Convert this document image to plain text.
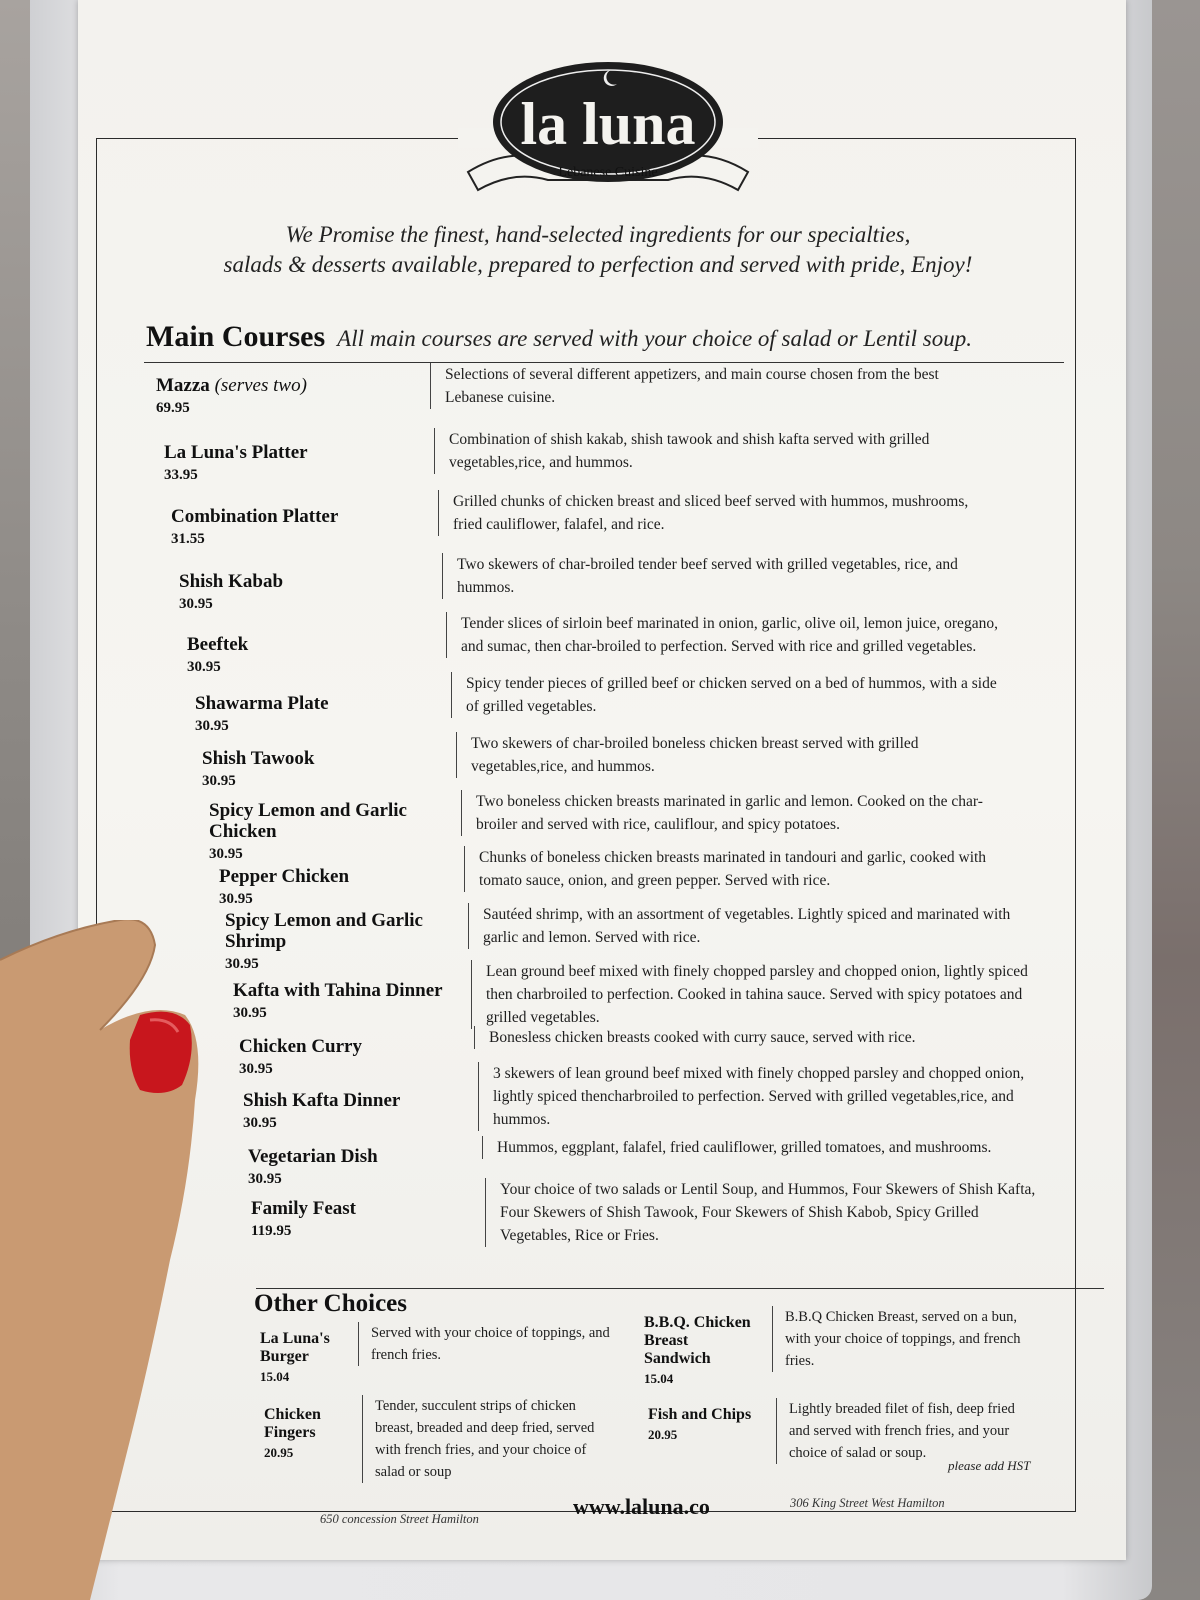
la luna
Lebanese Cuisine
We Promise the finest, hand-selected ingredients for our specialties,
salads & desserts available, prepared to perfection and served with pride, Enjoy!
Main Courses All main courses are served with your choice of salad or Lentil soup.
Mazza (serves two)
69.95
Selections of several different appetizers, and main course chosen from the best Lebanese cuisine.
La Luna's Platter
33.95
Combination of shish kakab, shish tawook and shish kafta served with grilled vegetables,rice, and hummos.
Combination Platter
31.55
Grilled chunks of chicken breast and sliced beef served with hummos, mushrooms, fried cauliflower, falafel, and rice.
Shish Kabab
30.95
Two skewers of char-broiled tender beef served with grilled vegetables, rice, and hummos.
Beeftek
30.95
Tender slices of sirloin beef marinated in onion, garlic, olive oil, lemon juice, oregano, and sumac, then char-broiled to perfection. Served with rice and grilled vegetables.
Shawarma Plate
30.95
Spicy tender pieces of grilled beef or chicken served on a bed of hummos, with a side of grilled vegetables.
Shish Tawook
30.95
Two skewers of char-broiled boneless chicken breast served with grilled vegetables,rice, and hummos.
Spicy Lemon and Garlic Chicken
30.95
Two boneless chicken breasts marinated in garlic and lemon. Cooked on the char-broiler and served with rice, cauliflour, and spicy potatoes.
Pepper Chicken
30.95
Chunks of boneless chicken breasts marinated in tandouri and garlic, cooked with tomato sauce, onion, and green pepper. Served with rice.
Spicy Lemon and Garlic Shrimp
30.95
Sautéed shrimp, with an assortment of vegetables. Lightly spiced and marinated with garlic and lemon. Served with rice.
Kafta with Tahina Dinner
30.95
Lean ground beef mixed with finely chopped parsley and chopped onion, lightly spiced then charbroiled to perfection. Cooked in tahina sauce. Served with spicy potatoes and grilled vegetables.
Chicken Curry
30.95
Bonesless chicken breasts cooked with curry sauce, served with rice.
Shish Kafta Dinner
30.95
3 skewers of lean ground beef mixed with finely chopped parsley and chopped onion, lightly spiced thencharbroiled to perfection. Served with grilled vegetables,rice, and hummos.
Vegetarian Dish
30.95
Hummos, eggplant, falafel, fried cauliflower, grilled tomatoes, and mushrooms.
Family Feast
119.95
Your choice of two salads or Lentil Soup, and Hummos, Four Skewers of Shish Kafta, Four Skewers of Shish Tawook, Four Skewers of Shish Kabob, Spicy Grilled Vegetables, Rice or Fries.
Other Choices
La Luna's Burger
15.04
Served with your choice of toppings, and french fries.
B.B.Q. Chicken Breast Sandwich
15.04
B.B.Q Chicken Breast, served on a bun, with your choice of toppings, and french fries.
Chicken Fingers
20.95
Tender, succulent strips of chicken breast, breaded and deep fried, served with french fries, and your choice of salad or soup
Fish and Chips
20.95
Lightly breaded filet of fish, deep fried and served with french fries, and your choice of salad or soup.
please add HST
650 concession Street Hamilton	www.laluna.co	306 King Street West Hamilton
